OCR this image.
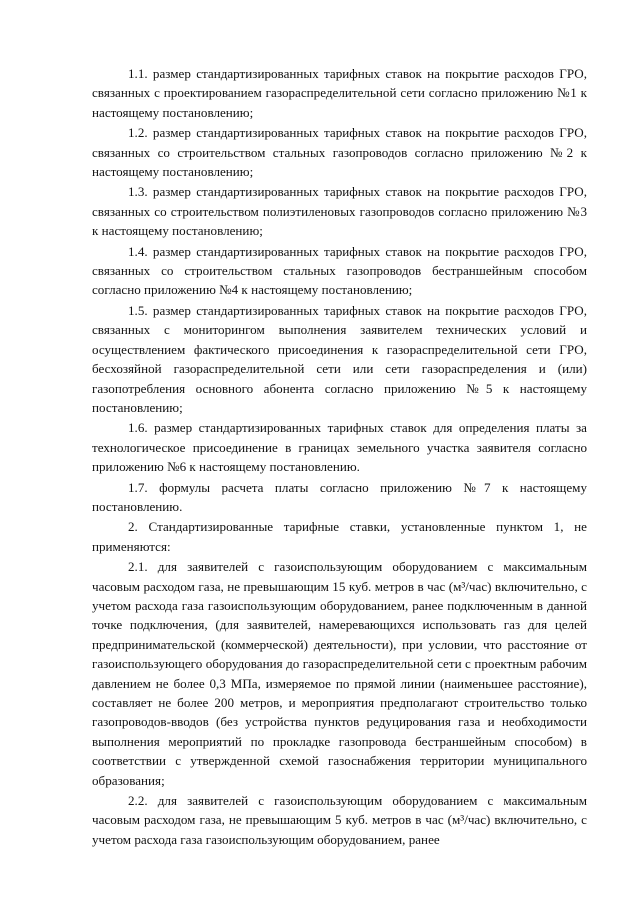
1.1. размер стандартизированных тарифных ставок на покрытие расходов ГРО, связанных с проектированием газораспределительной сети согласно приложению №1 к настоящему постановлению;

1.2. размер стандартизированных тарифных ставок на покрытие расходов ГРО, связанных со строительством стальных газопроводов согласно приложению №2 к настоящему постановлению;

1.3. размер стандартизированных тарифных ставок на покрытие расходов ГРО, связанных со строительством полиэтиленовых газопроводов согласно приложению №3 к настоящему постановлению;

1.4. размер стандартизированных тарифных ставок на покрытие расходов ГРО, связанных со строительством стальных газопроводов бестраншейным способом согласно приложению №4 к настоящему постановлению;

1.5. размер стандартизированных тарифных ставок на покрытие расходов ГРО, связанных с мониторингом выполнения заявителем технических условий и осуществлением фактического присоединения к газораспределительной сети ГРО, бесхозяйной газораспределительной сети или сети газораспределения и (или) газопотребления основного абонента согласно приложению №5 к настоящему постановлению;

1.6. размер стандартизированных тарифных ставок для определения платы за технологическое присоединение в границах земельного участка заявителя согласно приложению №6 к настоящему постановлению.

1.7. формулы расчета платы согласно приложению №7 к настоящему постановлению.

2. Стандартизированные тарифные ставки, установленные пунктом 1, не применяются:

2.1. для заявителей с газоиспользующим оборудованием с максимальным часовым расходом газа, не превышающим 15 куб. метров в час (м³/час) включительно, с учетом расхода газа газоиспользующим оборудованием, ранее подключенным в данной точке подключения, (для заявителей, намеревающихся использовать газ для целей предпринимательской (коммерческой) деятельности), при условии, что расстояние от газоиспользующего оборудования до газораспределительной сети с проектным рабочим давлением не более 0,3 МПа, измеряемое по прямой линии (наименьшее расстояние), составляет не более 200 метров, и мероприятия предполагают строительство только газопроводов-вводов (без устройства пунктов редуцирования газа и необходимости выполнения мероприятий по прокладке газопровода бестраншейным способом) в соответствии с утвержденной схемой газоснабжения территории муниципального образования;

2.2. для заявителей с газоиспользующим оборудованием с максимальным часовым расходом газа, не превышающим 5 куб. метров в час (м³/час) включительно, с учетом расхода газа газоиспользующим оборудованием, ранее
